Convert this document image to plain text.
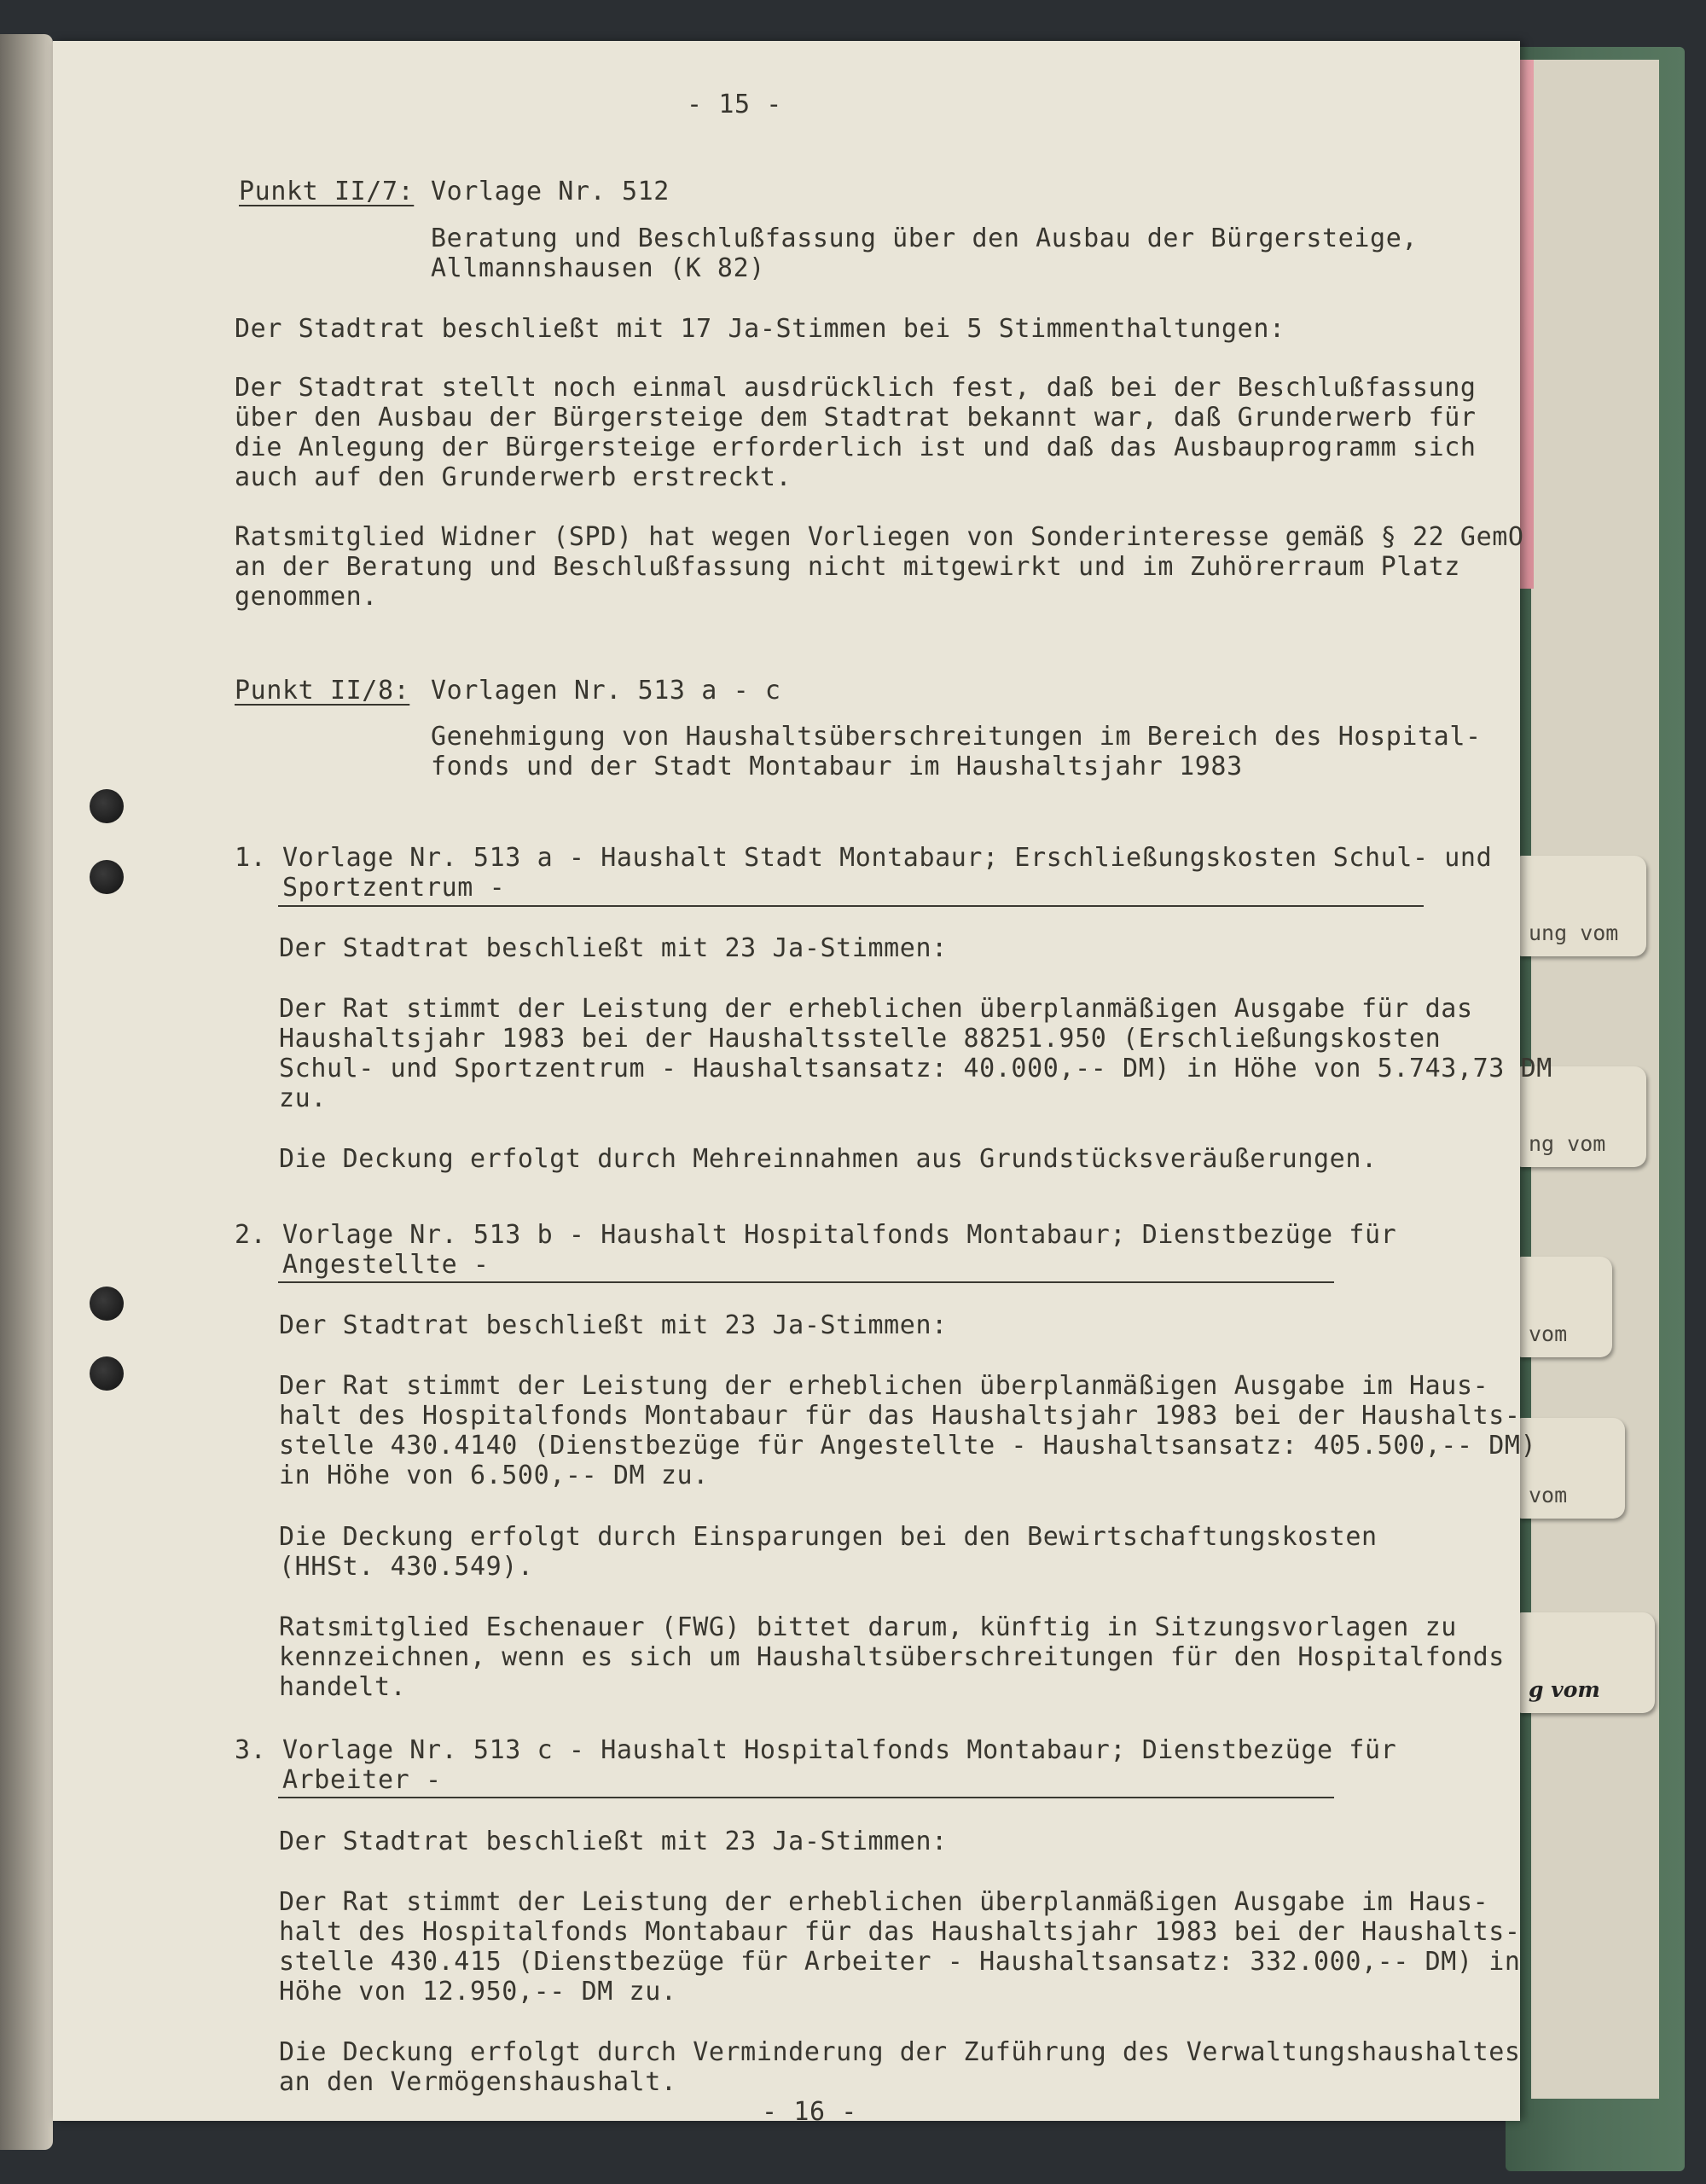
ung vom

ng vom

vom

vom

g vom

- 15 -
Punkt II/7: Vorlage Nr. 512
Beratung und Beschlußfassung über den Ausbau der Bürgersteige,
Allmannshausen (K 82)
Der Stadtrat beschließt mit 17 Ja-Stimmen bei 5 Stimmenthaltungen:
Der Stadtrat stellt noch einmal ausdrücklich fest, daß bei der Beschlußfassung
über den Ausbau der Bürgersteige dem Stadtrat bekannt war, daß Grunderwerb für
die Anlegung der Bürgersteige erforderlich ist und daß das Ausbauprogramm sich
auch auf den Grunderwerb erstreckt.
Ratsmitglied Widner (SPD) hat wegen Vorliegen von Sonderinteresse gemäß § 22 GemO
an der Beratung und Beschlußfassung nicht mitgewirkt und im Zuhörerraum Platz
genommen.
Punkt II/8: Vorlagen Nr. 513 a - c
Genehmigung von Haushaltsüberschreitungen im Bereich des Hospital-
fonds und der Stadt Montabaur im Haushaltsjahr 1983
1. Vorlage Nr. 513 a - Haushalt Stadt Montabaur; Erschließungskosten Schul- und
Sportzentrum -
Der Stadtrat beschließt mit 23 Ja-Stimmen:
Der Rat stimmt der Leistung der erheblichen überplanmäßigen Ausgabe für das
Haushaltsjahr 1983 bei der Haushaltsstelle 88251.950 (Erschließungskosten
Schul- und Sportzentrum - Haushaltsansatz: 40.000,-- DM) in Höhe von 5.743,73 DM
zu.
Die Deckung erfolgt durch Mehreinnahmen aus Grundstücksveräußerungen.
2. Vorlage Nr. 513 b - Haushalt Hospitalfonds Montabaur; Dienstbezüge für
Angestellte -
Der Stadtrat beschließt mit 23 Ja-Stimmen:
Der Rat stimmt der Leistung der erheblichen überplanmäßigen Ausgabe im Haus-
halt des Hospitalfonds Montabaur für das Haushaltsjahr 1983 bei der Haushalts-
stelle 430.4140 (Dienstbezüge für Angestellte - Haushaltsansatz: 405.500,-- DM)
in Höhe von 6.500,-- DM zu.
Die Deckung erfolgt durch Einsparungen bei den Bewirtschaftungskosten
(HHSt. 430.549).
Ratsmitglied Eschenauer (FWG) bittet darum, künftig in Sitzungsvorlagen zu
kennzeichnen, wenn es sich um Haushaltsüberschreitungen für den Hospitalfonds
handelt.
3. Vorlage Nr. 513 c - Haushalt Hospitalfonds Montabaur; Dienstbezüge für
Arbeiter -
Der Stadtrat beschließt mit 23 Ja-Stimmen:
Der Rat stimmt der Leistung der erheblichen überplanmäßigen Ausgabe im Haus-
halt des Hospitalfonds Montabaur für das Haushaltsjahr 1983 bei der Haushalts-
stelle 430.415 (Dienstbezüge für Arbeiter - Haushaltsansatz: 332.000,-- DM) in
Höhe von 12.950,-- DM zu.
Die Deckung erfolgt durch Verminderung der Zuführung des Verwaltungshaushaltes
an den Vermögenshaushalt.
- 16 -
